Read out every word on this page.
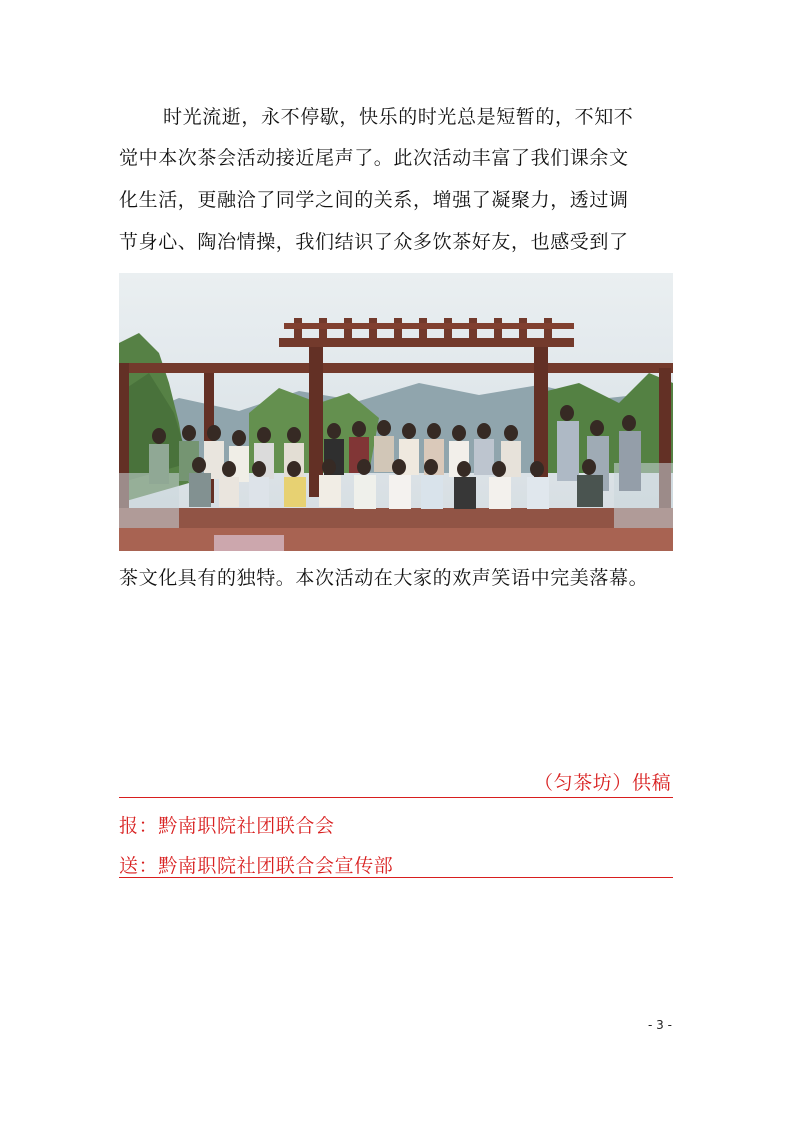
时光流逝，永不停歇，快乐的时光总是短暂的，不知不
觉中本次茶会活动接近尾声了。此次活动丰富了我们课余文
化生活，更融洽了同学之间的关系，增强了凝聚力，透过调
节身心、陶冶情操，我们结识了众多饮茶好友，也感受到了
茶文化具有的独特。本次活动在大家的欢声笑语中完美落幕。
（匀茶坊）供稿
报：黔南职院社团联合会
送：黔南职院社团联合会宣传部
- 3 -
